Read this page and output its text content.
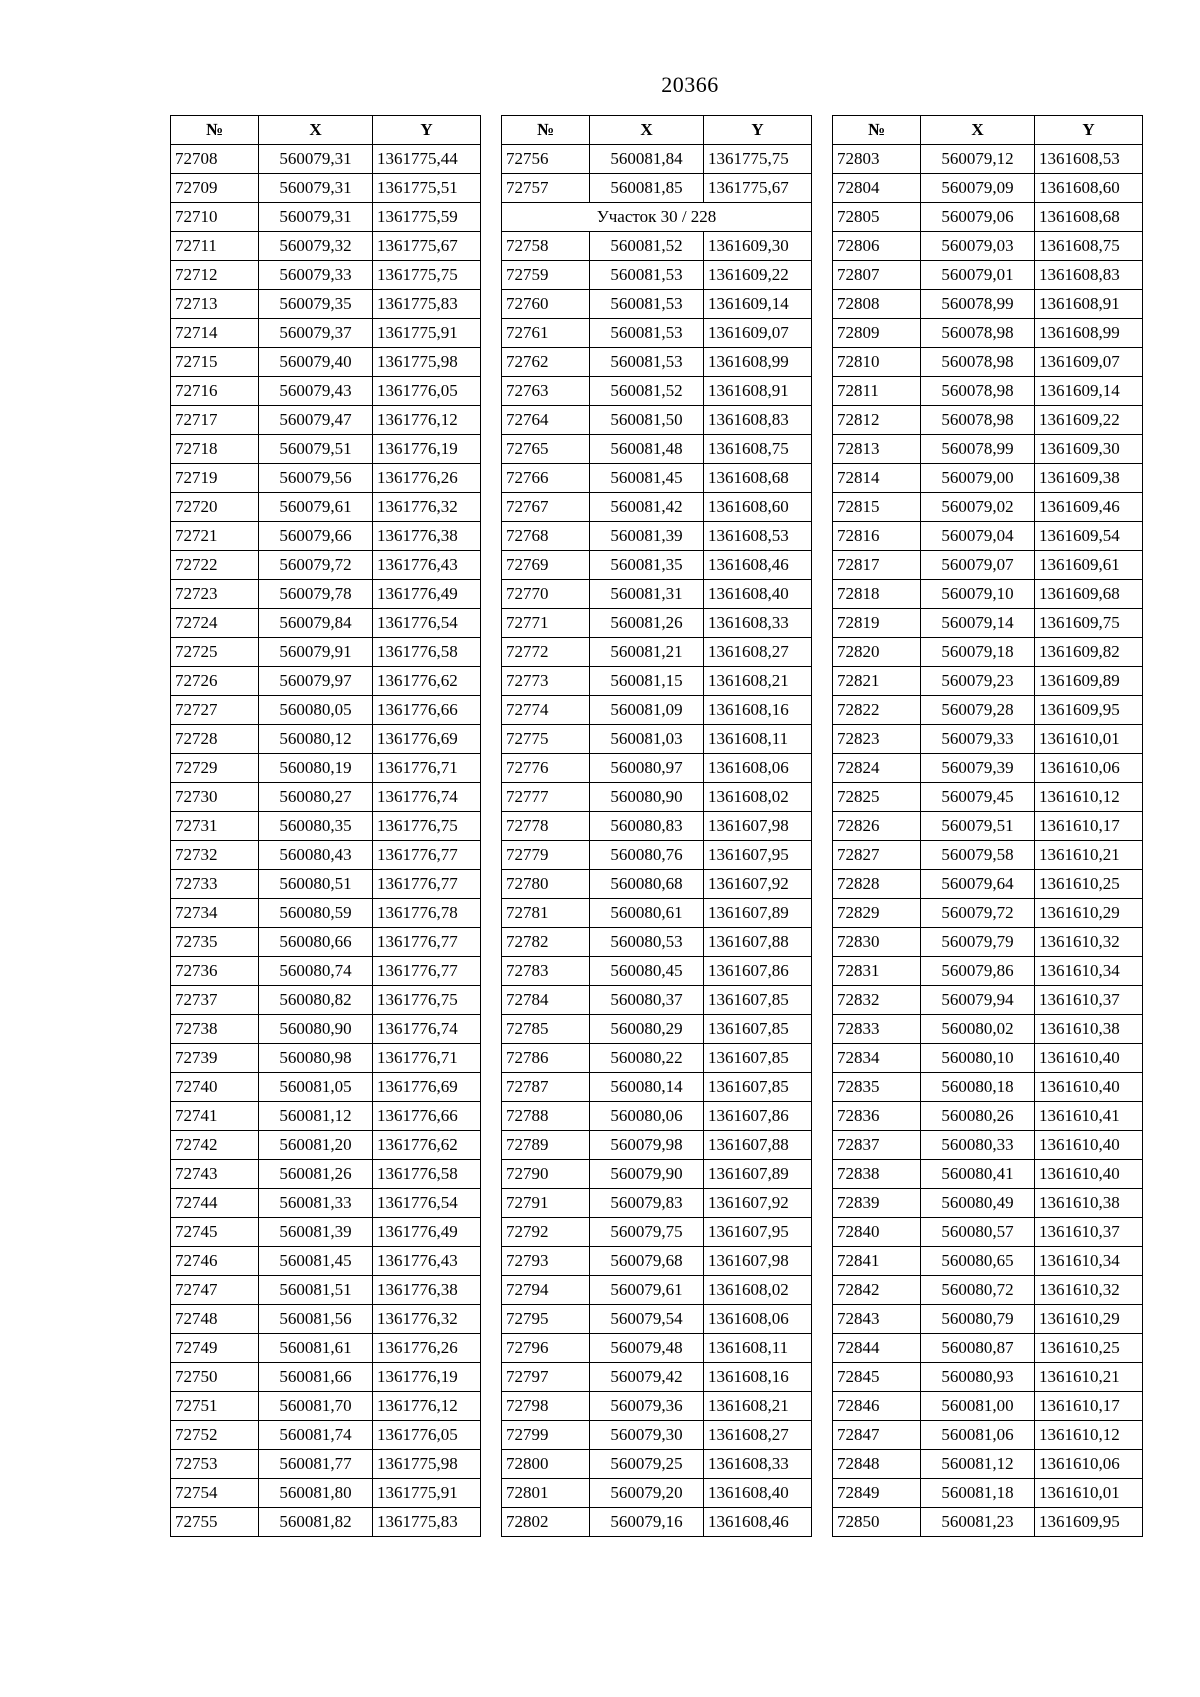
20366
№	X	Y
72708	560079,31	1361775,44
72709	560079,31	1361775,51
72710	560079,31	1361775,59
72711	560079,32	1361775,67
72712	560079,33	1361775,75
72713	560079,35	1361775,83
72714	560079,37	1361775,91
72715	560079,40	1361775,98
72716	560079,43	1361776,05
72717	560079,47	1361776,12
72718	560079,51	1361776,19
72719	560079,56	1361776,26
72720	560079,61	1361776,32
72721	560079,66	1361776,38
72722	560079,72	1361776,43
72723	560079,78	1361776,49
72724	560079,84	1361776,54
72725	560079,91	1361776,58
72726	560079,97	1361776,62
72727	560080,05	1361776,66
72728	560080,12	1361776,69
72729	560080,19	1361776,71
72730	560080,27	1361776,74
72731	560080,35	1361776,75
72732	560080,43	1361776,77
72733	560080,51	1361776,77
72734	560080,59	1361776,78
72735	560080,66	1361776,77
72736	560080,74	1361776,77
72737	560080,82	1361776,75
72738	560080,90	1361776,74
72739	560080,98	1361776,71
72740	560081,05	1361776,69
72741	560081,12	1361776,66
72742	560081,20	1361776,62
72743	560081,26	1361776,58
72744	560081,33	1361776,54
72745	560081,39	1361776,49
72746	560081,45	1361776,43
72747	560081,51	1361776,38
72748	560081,56	1361776,32
72749	560081,61	1361776,26
72750	560081,66	1361776,19
72751	560081,70	1361776,12
72752	560081,74	1361776,05
72753	560081,77	1361775,98
72754	560081,80	1361775,91
72755	560081,82	1361775,83
№	X	Y
72756	560081,84	1361775,75
72757	560081,85	1361775,67
Участок 30 / 228		
72758	560081,52	1361609,30
72759	560081,53	1361609,22
72760	560081,53	1361609,14
72761	560081,53	1361609,07
72762	560081,53	1361608,99
72763	560081,52	1361608,91
72764	560081,50	1361608,83
72765	560081,48	1361608,75
72766	560081,45	1361608,68
72767	560081,42	1361608,60
72768	560081,39	1361608,53
72769	560081,35	1361608,46
72770	560081,31	1361608,40
72771	560081,26	1361608,33
72772	560081,21	1361608,27
72773	560081,15	1361608,21
72774	560081,09	1361608,16
72775	560081,03	1361608,11
72776	560080,97	1361608,06
72777	560080,90	1361608,02
72778	560080,83	1361607,98
72779	560080,76	1361607,95
72780	560080,68	1361607,92
72781	560080,61	1361607,89
72782	560080,53	1361607,88
72783	560080,45	1361607,86
72784	560080,37	1361607,85
72785	560080,29	1361607,85
72786	560080,22	1361607,85
72787	560080,14	1361607,85
72788	560080,06	1361607,86
72789	560079,98	1361607,88
72790	560079,90	1361607,89
72791	560079,83	1361607,92
72792	560079,75	1361607,95
72793	560079,68	1361607,98
72794	560079,61	1361608,02
72795	560079,54	1361608,06
72796	560079,48	1361608,11
72797	560079,42	1361608,16
72798	560079,36	1361608,21
72799	560079,30	1361608,27
72800	560079,25	1361608,33
72801	560079,20	1361608,40
72802	560079,16	1361608,46
№	X	Y
72803	560079,12	1361608,53
72804	560079,09	1361608,60
72805	560079,06	1361608,68
72806	560079,03	1361608,75
72807	560079,01	1361608,83
72808	560078,99	1361608,91
72809	560078,98	1361608,99
72810	560078,98	1361609,07
72811	560078,98	1361609,14
72812	560078,98	1361609,22
72813	560078,99	1361609,30
72814	560079,00	1361609,38
72815	560079,02	1361609,46
72816	560079,04	1361609,54
72817	560079,07	1361609,61
72818	560079,10	1361609,68
72819	560079,14	1361609,75
72820	560079,18	1361609,82
72821	560079,23	1361609,89
72822	560079,28	1361609,95
72823	560079,33	1361610,01
72824	560079,39	1361610,06
72825	560079,45	1361610,12
72826	560079,51	1361610,17
72827	560079,58	1361610,21
72828	560079,64	1361610,25
72829	560079,72	1361610,29
72830	560079,79	1361610,32
72831	560079,86	1361610,34
72832	560079,94	1361610,37
72833	560080,02	1361610,38
72834	560080,10	1361610,40
72835	560080,18	1361610,40
72836	560080,26	1361610,41
72837	560080,33	1361610,40
72838	560080,41	1361610,40
72839	560080,49	1361610,38
72840	560080,57	1361610,37
72841	560080,65	1361610,34
72842	560080,72	1361610,32
72843	560080,79	1361610,29
72844	560080,87	1361610,25
72845	560080,93	1361610,21
72846	560081,00	1361610,17
72847	560081,06	1361610,12
72848	560081,12	1361610,06
72849	560081,18	1361610,01
72850	560081,23	1361609,95
